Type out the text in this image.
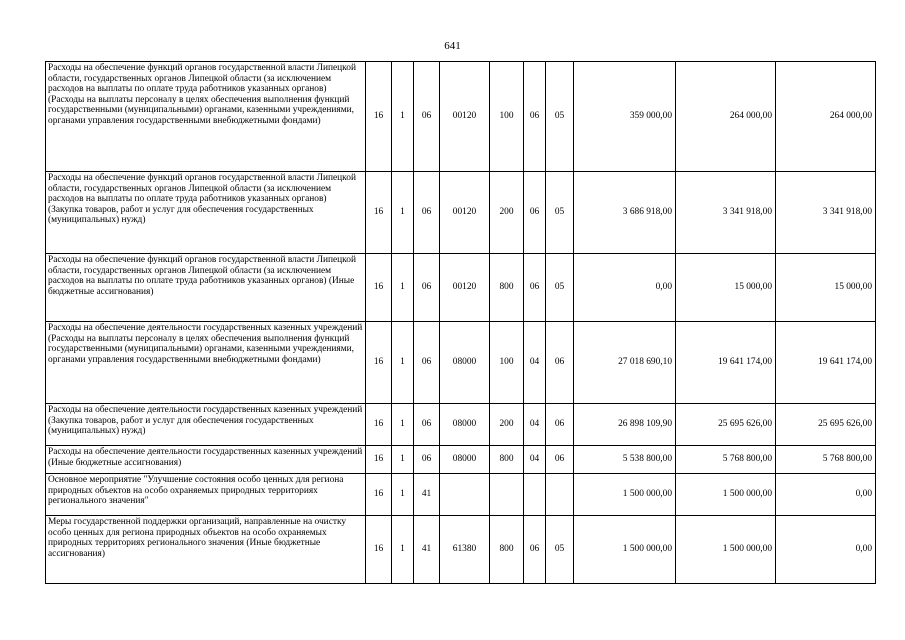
641
Расходы на обеспечение функций органов государственной власти Липецкой области, государственных органов Липецкой области (за исключением расходов на выплаты по оплате труда работников указанных органов) (Расходы на выплаты персоналу в целях обеспечения выполнения функций государственными (муниципальными) органами, казенными учреждениями, органами управления государственными внебюджетными фондами)	16	1	06	00120	100	06	05	359 000,00	264 000,00	264 000,00
Расходы на обеспечение функций органов государственной власти Липецкой области, государственных органов Липецкой области (за исключением расходов на выплаты по оплате труда работников указанных органов) (Закупка товаров, работ и услуг для обеспечения государственных (муниципальных) нужд)	16	1	06	00120	200	06	05	3 686 918,00	3 341 918,00	3 341 918,00
Расходы на обеспечение функций органов государственной власти Липецкой области, государственных органов Липецкой области (за исключением расходов на выплаты по оплате труда работников указанных органов) (Иные бюджетные ассигнования)	16	1	06	00120	800	06	05	0,00	15 000,00	15 000,00
Расходы на обеспечение деятельности государственных казенных учреждений (Расходы на выплаты персоналу в целях обеспечения выполнения функций государственными (муниципальными) органами, казенными учреждениями, органами управления государственными внебюджетными фондами)	16	1	06	08000	100	04	06	27 018 690,10	19 641 174,00	19 641 174,00
Расходы на обеспечение деятельности государственных казенных учреждений (Закупка товаров, работ и услуг для обеспечения государственных (муниципальных) нужд)	16	1	06	08000	200	04	06	26 898 109,90	25 695 626,00	25 695 626,00
Расходы на обеспечение деятельности государственных казенных учреждений (Иные бюджетные ассигнования)	16	1	06	08000	800	04	06	5 538 800,00	5 768 800,00	5 768 800,00
Основное мероприятие "Улучшение состояния особо ценных для региона природных объектов на особо охраняемых природных территориях регионального значения"	16	1	41					1 500 000,00	1 500 000,00	0,00
Меры государственной поддержки организаций, направленные на очистку особо ценных для региона природных объектов на особо охраняемых природных территориях регионального значения (Иные бюджетные ассигнования)	16	1	41	61380	800	06	05	1 500 000,00	1 500 000,00	0,00
